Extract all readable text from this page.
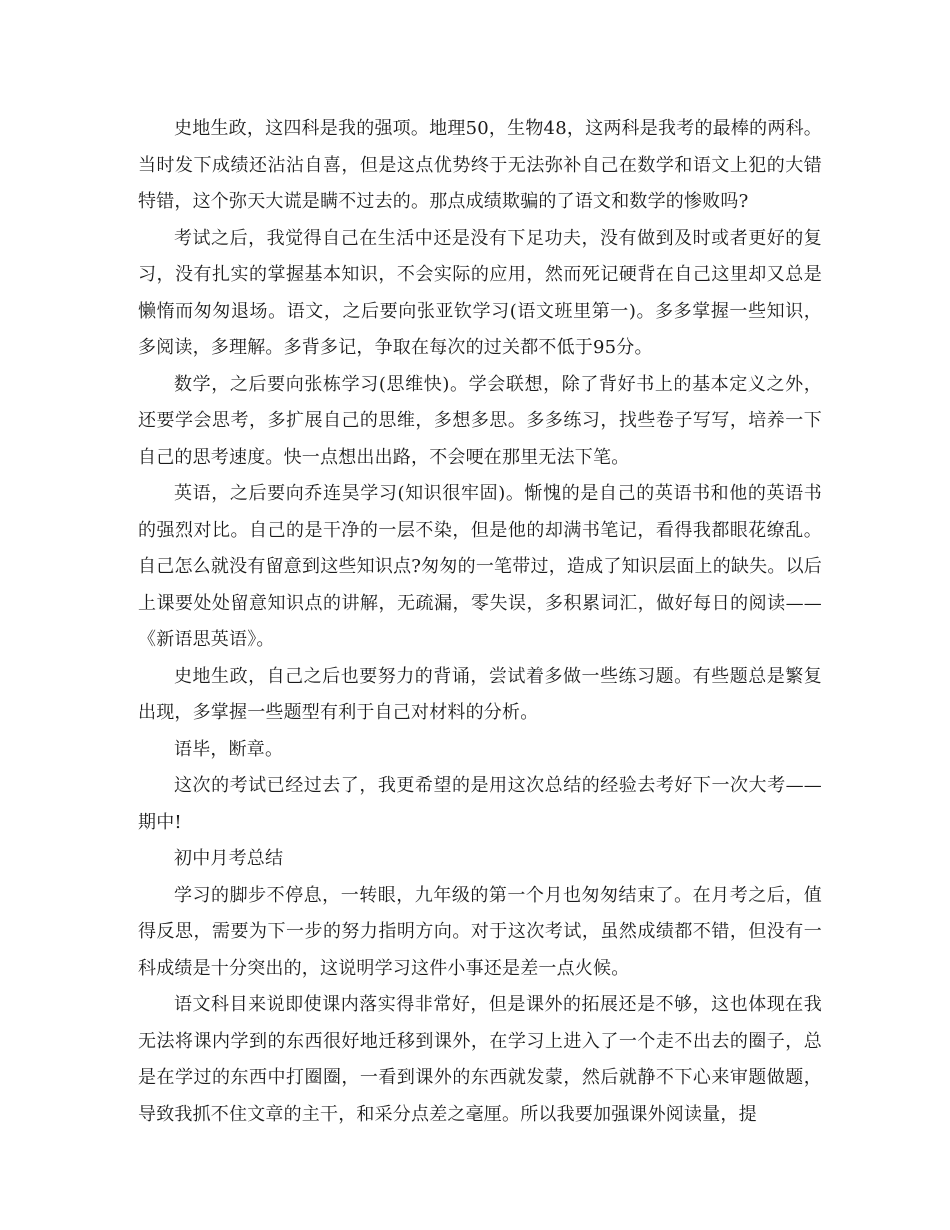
史地生政，这四科是我的强项。地理50，生物48，这两科是我考的最棒的两科。当时发下成绩还沾沾自喜，但是这点优势终于无法弥补自己在数学和语文上犯的大错特错，这个弥天大谎是瞒不过去的。那点成绩欺骗的了语文和数学的惨败吗?

考试之后，我觉得自己在生活中还是没有下足功夫，没有做到及时或者更好的复习，没有扎实的掌握基本知识，不会实际的应用，然而死记硬背在自己这里却又总是懒惰而匆匆退场。语文，之后要向张亚钦学习(语文班里第一)。多多掌握一些知识，多阅读，多理解。多背多记，争取在每次的过关都不低于95分。

数学，之后要向张栋学习(思维快)。学会联想，除了背好书上的基本定义之外，还要学会思考，多扩展自己的思维，多想多思。多多练习，找些卷子写写，培养一下自己的思考速度。快一点想出出路，不会哽在那里无法下笔。

英语，之后要向乔连昊学习(知识很牢固)。惭愧的是自己的英语书和他的英语书的强烈对比。自己的是干净的一层不染，但是他的却满书笔记，看得我都眼花缭乱。自己怎么就没有留意到这些知识点?匆匆的一笔带过，造成了知识层面上的缺失。以后上课要处处留意知识点的讲解，无疏漏，零失误，多积累词汇，做好每日的阅读——《新语思英语》。

史地生政，自己之后也要努力的背诵，尝试着多做一些练习题。有些题总是繁复出现，多掌握一些题型有利于自己对材料的分析。

语毕，断章。

这次的考试已经过去了，我更希望的是用这次总结的经验去考好下一次大考——期中!

初中月考总结

学习的脚步不停息，一转眼，九年级的第一个月也匆匆结束了。在月考之后，值得反思，需要为下一步的努力指明方向。对于这次考试，虽然成绩都不错，但没有一科成绩是十分突出的，这说明学习这件小事还是差一点火候。

语文科目来说即使课内落实得非常好，但是课外的拓展还是不够，这也体现在我无法将课内学到的东西很好地迁移到课外，在学习上进入了一个走不出去的圈子，总是在学过的东西中打圈圈，一看到课外的东西就发蒙，然后就静不下心来审题做题，导致我抓不住文章的主干，和采分点差之毫厘。所以我要加强课外阅读量，提
